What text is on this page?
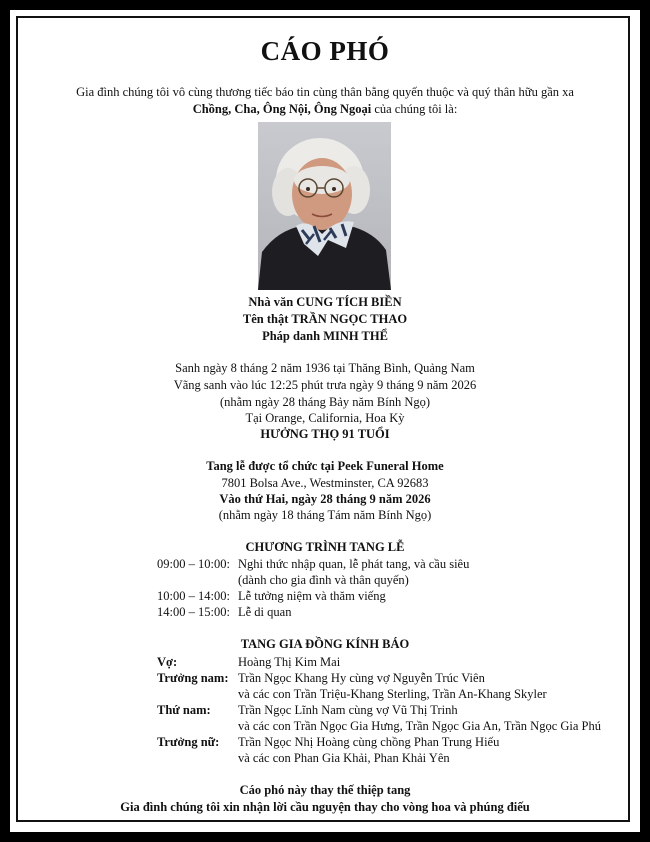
CÁO PHÓ
Gia đình chúng tôi vô cùng thương tiếc báo tin cùng thân bằng quyến thuộc và quý thân hữu gần xa
Chồng, Cha, Ông Nội, Ông Ngoại của chúng tôi là:
Nhà văn CUNG TÍCH BIỀN
Tên thật TRẦN NGỌC THAO
Pháp danh MINH THỂ
Sanh ngày 8 tháng 2 năm 1936 tại Thăng Bình, Quảng Nam
Vãng sanh vào lúc 12:25 phút trưa ngày 9 tháng 9 năm 2026
(nhằm ngày 28 tháng Bảy năm Bính Ngọ)
Tại Orange, California, Hoa Kỳ
HƯỞNG THỌ 91 TUỔI
Tang lễ được tổ chức tại Peek Funeral Home
7801 Bolsa Ave., Westminster, CA 92683
Vào thứ Hai, ngày 28 tháng 9 năm 2026
(nhằm ngày 18 tháng Tám năm Bính Ngọ)
CHƯƠNG TRÌNH TANG LỄ
09:00 – 10:00: Nghi thức nhập quan, lễ phát tang, và cầu siêu
(dành cho gia đình và thân quyến)
10:00 – 14:00: Lễ tưởng niệm và thăm viếng
14:00 – 15:00: Lễ di quan
TANG GIA ĐỒNG KÍNH BÁO
Vợ:	Hoàng Thị Kim Mai
Trưởng nam: Trần Ngọc Khang Hy cùng vợ Nguyễn Trúc Viên
và các con Trần Triệu-Khang Sterling, Trần An-Khang Skyler
Thứ nam: Trần Ngọc Lĩnh Nam cùng vợ Vũ Thị Trinh
và các con Trần Ngọc Gia Hưng, Trần Ngọc Gia An, Trần Ngọc Gia Phú
Trưởng nữ: Trần Ngọc Nhị Hoàng cùng chồng Phan Trung Hiếu
và các con Phan Gia Khải, Phan Khải Yên
Cáo phó này thay thế thiệp tang
Gia đình chúng tôi xin nhận lời cầu nguyện thay cho vòng hoa và phúng điếu
